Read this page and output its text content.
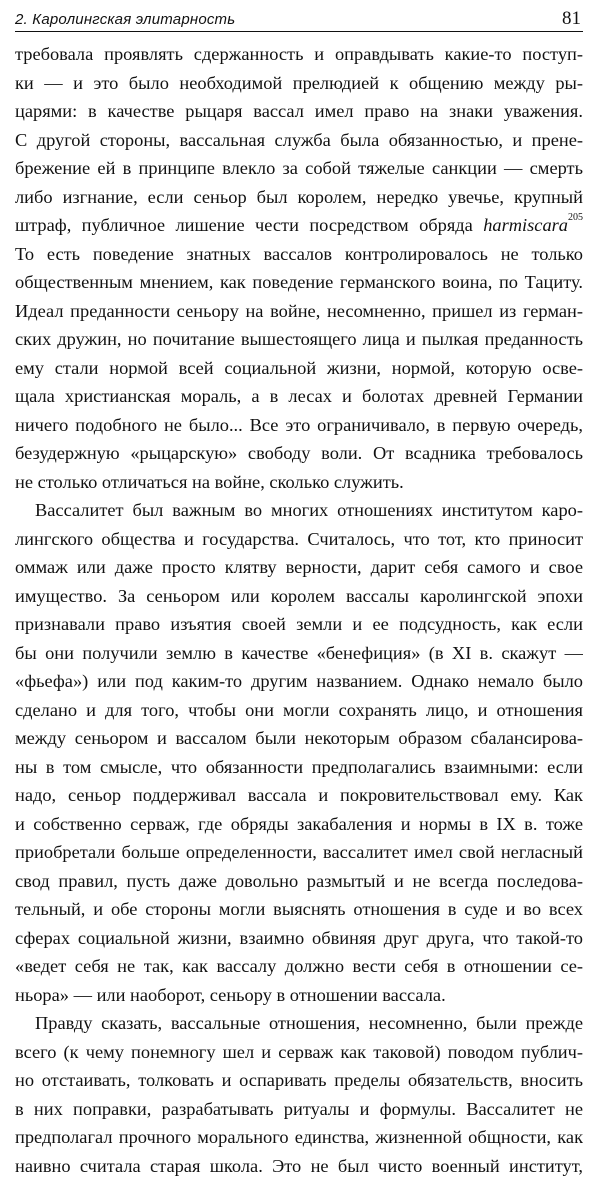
2. Каролингская элитарность	81
требовала проявлять сдержанность и оправдывать какие-то поступ-
ки — и это было необходимой прелюдией к общению между ры-
царями: в качестве рыцаря вассал имел право на знаки уважения.
С другой стороны, вассальная служба была обязанностью, и прене-
брежение ей в принципе влекло за собой тяжелые санкции — смерть
либо изгнание, если сеньор был королем, нередко увечье, крупный
штраф, публичное лишение чести посредством обряда harmiscara$^{205}$
То есть поведение знатных вассалов контролировалось не только
общественным мнением, как поведение германского воина, по Тациту.
Идеал преданности сеньору на войне, несомненно, пришел из герман-
ских дружин, но почитание вышестоящего лица и пылкая преданность
ему стали нормой всей социальной жизни, нормой, которую осве-
щала христианская мораль, а в лесах и болотах древней Германии
ничего подобного не было... Все это ограничивало, в первую очередь,
безудержную «рыцарскую» свободу воли. От всадника требовалось
не столько отличаться на войне, сколько служить.
Вассалитет был важным во многих отношениях институтом каро-
лингского общества и государства. Считалось, что тот, кто приносит
оммаж или даже просто клятву верности, дарит себя самого и свое
имущество. За сеньором или королем вассалы каролингской эпохи
признавали право изъятия своей земли и ее подсудность, как если
бы они получили землю в качестве «бенефиция» (в XI в. скажут —
«фьефа») или под каким-то другим названием. Однако немало было
сделано и для того, чтобы они могли сохранять лицо, и отношения
между сеньором и вассалом были некоторым образом сбалансирова-
ны в том смысле, что обязанности предполагались взаимными: если
надо, сеньор поддерживал вассала и покровительствовал ему. Как
и собственно серваж, где обряды закабаления и нормы в IX в. тоже
приобретали больше определенности, вассалитет имел свой негласный
свод правил, пусть даже довольно размытый и не всегда последова-
тельный, и обе стороны могли выяснять отношения в суде и во всех
сферах социальной жизни, взаимно обвиняя друг друга, что такой-то
«ведет себя не так, как вассалу должно вести себя в отношении се-
ньора» — или наоборот, сеньору в отношении вассала.
Правду сказать, вассальные отношения, несомненно, были прежде
всего (к чему понемногу шел и серваж как таковой) поводом публич-
но отстаивать, толковать и оспаривать пределы обязательств, вносить
в них поправки, разрабатывать ритуалы и формулы. Вассалитет не
предполагал прочного морального единства, жизненной общности, как
наивно считала старая школа. Это не был чисто военный институт,
